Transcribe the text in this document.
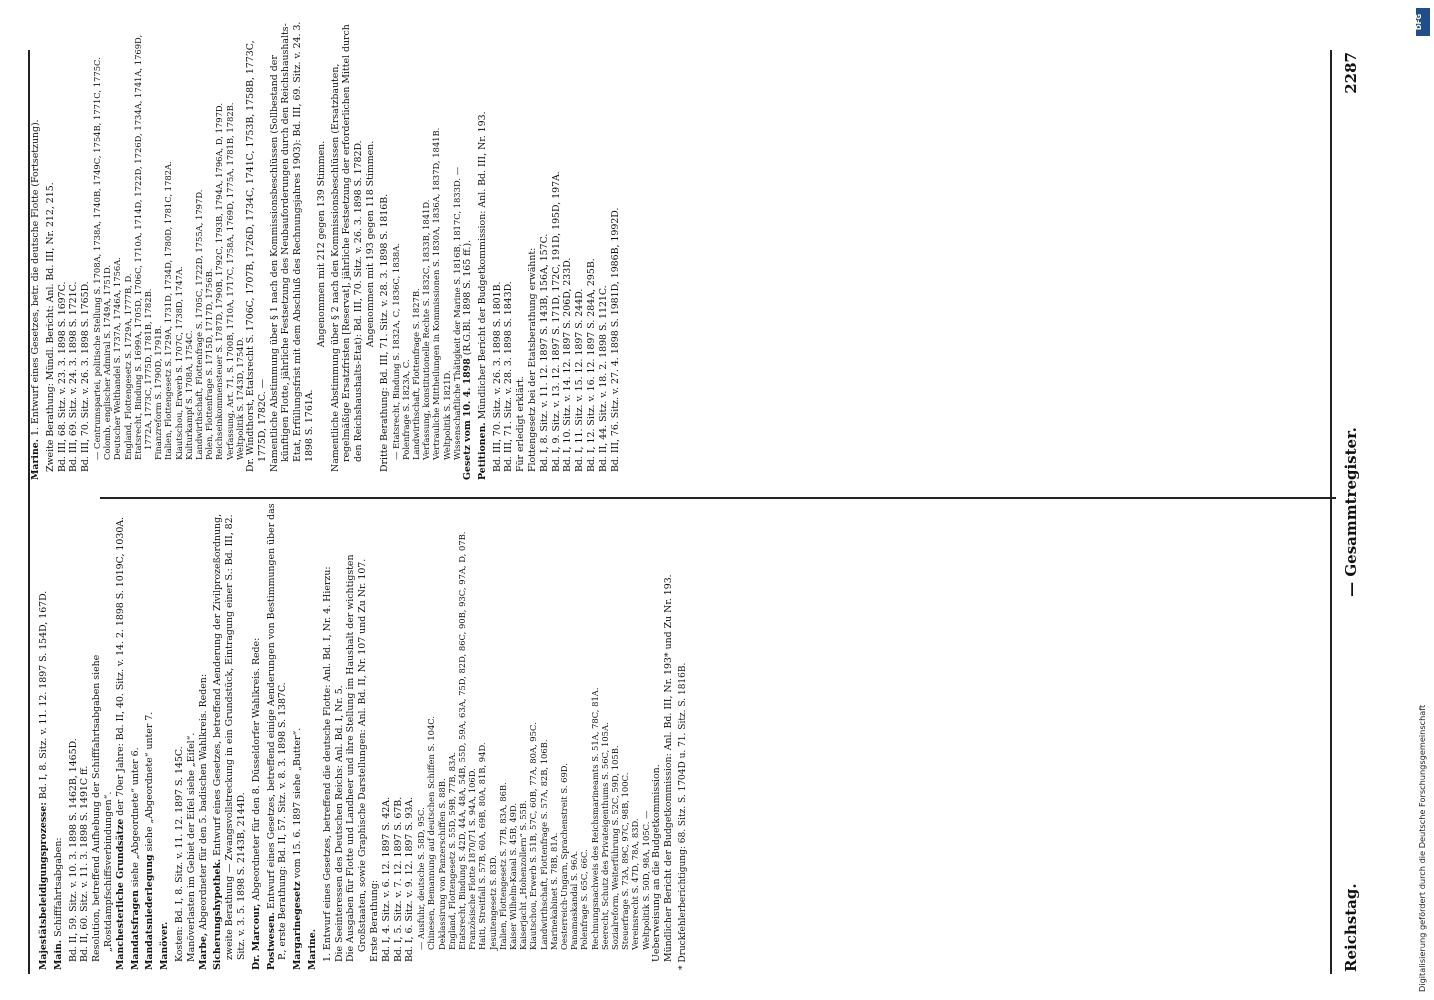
Reichstag.
— Gesammtregister.
2287

Majestätsbeleidigungsprozesse: Bd. I, 8. Sitz. v. 11. 12. 1897 S. 154D, 167D.

Main. Schifffahrtsabgaben: Bd. II, 59. Sitz. v. 10. 3. 1898 S. 1462B, 1465D. Bd. II, 60. Sitz. v. 11. 3. 1898 S. 1491C ff. Resolution, betreffend Aufhebung der Schifffahrtsabgaben siehe „Rostdampfschiffsverbindungen“. Manchesterliche Grundsätze der 70er Jahre: Bd. II, 40. Sitz. v. 14. 2. 1898 S. 1019C, 1030A.

Mandatsfragen siehe „Abgeordnete“ unter 6.

Mandatsniederlegung siehe „Abgeordnete“ unter 7.

Manöver. Kosten: Bd. I, 8. Sitz. v. 11. 12. 1897 S. 145C. Manöverlasten im Gebiet der Eifel siehe „Eifel“. Marbe, Abgeordneter für den 5. badischen Wahlkreis. Reden: Sicherungshypothek. Entwurf eines Gesetzes, betreffend Aenderung der Zivilprozeßordnung, zweite Berathung — Zwangsvollstreckung in ein Grundstück, Eintragung einer S.: Bd. III, 82. Sitz. v. 3. 5. 1898 S. 2143B, 2144D. Dr. Marcour, Abgeordneter für den 8. Düsseldorfer Wahlkreis. Rede:

Postwesen. Entwurf eines Gesetzes, betreffend einige Aenderungen von Bestimmungen über das P., erste Berathung: Bd. II, 57. Sitz. v. 8. 3. 1898 S. 1387C. Margarinegesetz vom 15. 6. 1897 siehe „Butter“.

Marine. 1. Entwurf eines Gesetzes, betreffend die deutsche Flotte: Anl. Bd. I, Nr. 4. Hierzu: Die Seeinteressen des Deutschen Reichs: Anl. Bd. I, Nr. 5. Die Ausgaben für Flotte und Landheer und ihre Stellung im Haushalt der wichtigsten Großstaaten, sowie Graphische Darstellungen: Anl. Bd. II, Nr. 107 und Zu Nr. 107. Erste Berathung: Bd. I, 4. Sitz. v. 6. 12. 1897 S. 42A. Bd. I, 5. Sitz. v. 7. 12. 1897 S. 67B. Bd. I, 6. Sitz. v. 9. 12. 1897 S. 93A. — Ausfuhr, deutsche S. 58D, 95C. Chinesen, Bemannung auf deutschen Schiffen S. 104C. Deklassirung von Panzerschiffen S. 88B. England, Flottengesetz S. 55D, 59B, 77B, 83A. Etatsrecht, Bindung S. 42D, 44A, 48A, 54B, 55D, 59A, 63A, 75D, 82D, 86C, 90B, 93C, 97A, D, 07B. Französische Flotte 1870/71 S. 94A, 106D. Haiti, Streitfall S. 57B, 60A, 69B, 80A, 81B, 94D. Jesuitengesetz S. 83D. Italien, Flottengesetz S. 77B, 83A, 86B. Kaiser Wilhelm-Kanal S. 45B, 49D. Kaiserjacht „Hohenzollern“ S. 55B. Kiautschou, Erwerb S. 51B, 57C, 60B, 77A, 80A, 95C. Landwirthschaft, Flottenfrage S. 57A, 82B, 106B. Marinekabinet S. 78B, 81A. Oesterreich-Ungarn, Sprachenstreit S. 69D. Panamaskandal S. 96A. Polenfrage S. 65C, 66C. Rechnungsnachweis des Reichsmarineamts S. 51A, 78C, 81A. Seerecht, Schutz des Privateigenthums S. 56C, 105A. Sozialreform, Weiterführung S. 52C, 59D, 105B. Steuerfrage S. 73A, 89C, 97C, 98B, 100C. Vereinsrecht S. 47D, 78A, 83D. Weltpolitik S. 50D, 98A, 105C. — Ueberweisung an die Budgetkommission. Mündlicher Bericht der Budgetkommission: Anl. Bd. III, Nr. 193* und Zu Nr. 193. * Druckfehlerberichtigung: 68. Sitz. S. 1704D u. 71. Sitz. S. 1816B.

Marine. 1. Entwurf eines Gesetzes, betr. die deutsche Flotte (Fortsetzung). Zweite Berathung: Mündl. Bericht: Anl. Bd. III, Nr. 212, 215. Bd. III, 68. Sitz. v. 23. 3. 1898 S. 1697C. Bd. III, 69. Sitz. v. 24. 3. 1898 S. 1721C. Bd. III, 70. Sitz. v. 26. 3. 1898 S. 1765D. — Centrumspartei, politische Stellung S. 1708A, 1738A, 1740B, 1749C, 1754B, 1771C, 1775C. Colomb, englischer Admiral S. 1749A, 1751D. Deutscher Welthandel S. 1737A, 1746A, 1756A. England, Flottengesetz S. 1729A, 1777B, D. Etatsrecht, Bindung S. 1699A, 1705D, 1706C, 1710A, 1714D, 1722D, 1726D, 1734A, 1741A, 1769D, 1772A, 1773C, 1775D, 1781B, 1782B. Finanzreform S. 1790D, 1791B. Italien, Flottengesetz S. 1729A, 1731D, 1734D, 1780D, 1781C, 1782A. Kiautschou, Erwerb S. 1707C, 1738D, 1747A. Kulturkampf S. 1708A, 1754C. Landwirthschaft, Flottenfrage S. 1705C, 1722D, 1755A, 1797D. Polen, Flottenfrage S. 1715D, 1717D, 1756B. Reichseinkommensteuer S. 1787D, 1790B, 1792C, 1793B, 1794A, 1796A, D, 1797D. Verfassung, Art. 71, S. 1700B, 1710A, 1717C, 1758A, 1769D, 1775A, 1781B, 1782B. Weltpolitik S. 1743D, 1754D. Dr. Windthorst, Etatsrecht S. 1706C, 1707B, 1726D, 1734C, 1741C, 1753B, 1758B, 1773C, 1775D, 1782C. — Namentliche Abstimmung über § 1 nach den Kommissionsbeschlüssen (Sollbestand der künftigen Flotte, jährliche Festsetzung des Neubauforderungen durch den Reichshaushalts-Etat, Erfüllungsfrist mit dem Abschluß des Rechnungsjahres 1903): Bd. III, 69. Sitz. v. 24. 3. 1898 S. 1761A.

Angenommen mit 212 gegen 139 Stimmen. Namentliche Abstimmung über § 2 nach den Kommissionsbeschlüssen (Ersatzbauten, regelmäßige Ersatzfristen [Reservat], jährliche Festsetzung der erforderlichen Mittel durch den Reichshaushalts-Etat): Bd. III, 70. Sitz. v. 26. 3. 1898 S. 1782D. Angenommen mit 193 gegen 118 Stimmen. Dritte Berathung: Bd. III, 71. Sitz. v. 28. 3. 1898 S. 1816B. — Etatsrecht, Bindung S. 1832A, C, 1836C, 1838A. Polenfrage S. 1823A, C. Landwirthschaft, Flottenfrage S. 1827B. Verfassung, konstitutionelle Rechte S. 1832C, 1833B, 1841D. Vertrauliche Mittheilungen in Kommissionen S. 1830A, 1836A, 1837D, 1841B. Weltpolitik S. 1821D. Wissenschaftliche Thätigkeit der Marine S. 1816B, 1817C, 1833D. — Gesetz vom 10. 4. 1898 (R.G.Bl. 1898 S. 165 ff.).

Petitionen. Mündlicher Bericht der Budgetkommission: Anl. Bd. III, Nr. 193. Bd. III, 70. Sitz. v. 26. 3. 1898 S. 1801B. Bd. III, 71. Sitz. v. 28. 3. 1898 S. 1843D. Für erledigt erklärt. Flottengesetz bei der Etatsberathung erwähnt: Bd. I, 8. Sitz. v. 11. 12. 1897 S. 143B, 156A, 157C. Bd. I, 9. Sitz. v. 13. 12. 1897 S. 171D, 172C, 191D, 195D, 197A. Bd. I, 10. Sitz. v. 14. 12. 1897 S. 206D, 233D. Bd. I, 11. Sitz. v. 15. 12. 1897 S. 244D. Bd. I, 12. Sitz. v. 16. 12. 1897 S. 284A, 295B. Bd. II, 44. Sitz. v. 18. 2. 1898 S. 1121C. Bd. III, 76. Sitz. v. 27. 4. 1898 S. 1981D, 1986B, 1992D.

Digitalisierung gefördert durch die Deutsche Forschungsgemeinschaft
DFG
